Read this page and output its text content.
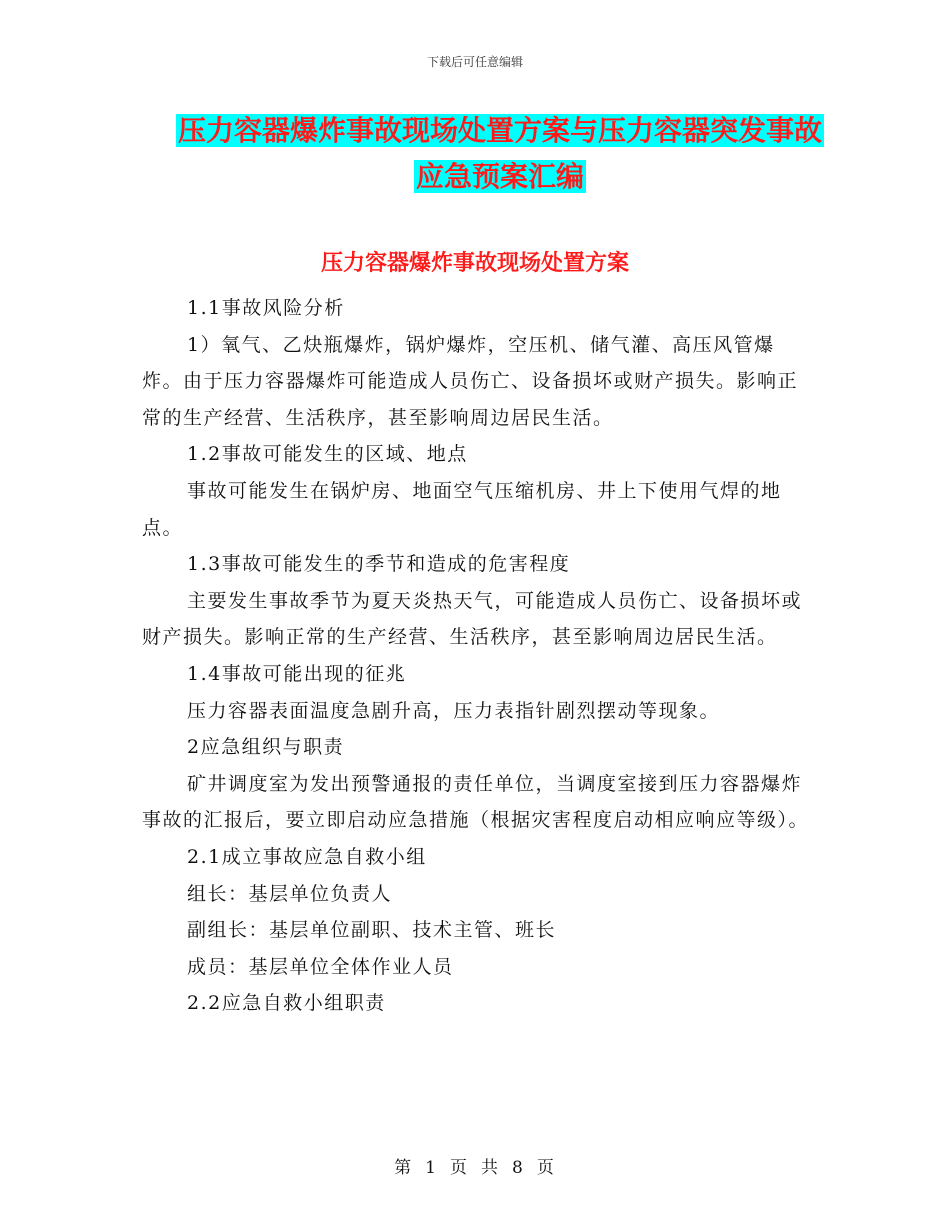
下载后可任意编辑
压力容器爆炸事故现场处置方案与压力容器突发事故
应急预案汇编
压力容器爆炸事故现场处置方案

1.1事故风险分析

1）氧气、乙炔瓶爆炸，锅炉爆炸，空压机、储气灌、高压风管爆炸。由于压力容器爆炸可能造成人员伤亡、设备损坏或财产损失。影响正常的生产经营、生活秩序，甚至影响周边居民生活。

1.2事故可能发生的区域、地点

事故可能发生在锅炉房、地面空气压缩机房、井上下使用气焊的地点。

1.3事故可能发生的季节和造成的危害程度

主要发生事故季节为夏天炎热天气，可能造成人员伤亡、设备损坏或财产损失。影响正常的生产经营、生活秩序，甚至影响周边居民生活。

1.4事故可能出现的征兆

压力容器表面温度急剧升高，压力表指针剧烈摆动等现象。

2应急组织与职责

矿井调度室为发出预警通报的责任单位，当调度室接到压力容器爆炸事故的汇报后，要立即启动应急措施（根据灾害程度启动相应响应等级）。

2.1成立事故应急自救小组

组长：基层单位负责人

副组长：基层单位副职、技术主管、班长

成员：基层单位全体作业人员

2.2应急自救小组职责

第 1 页 共 8 页
